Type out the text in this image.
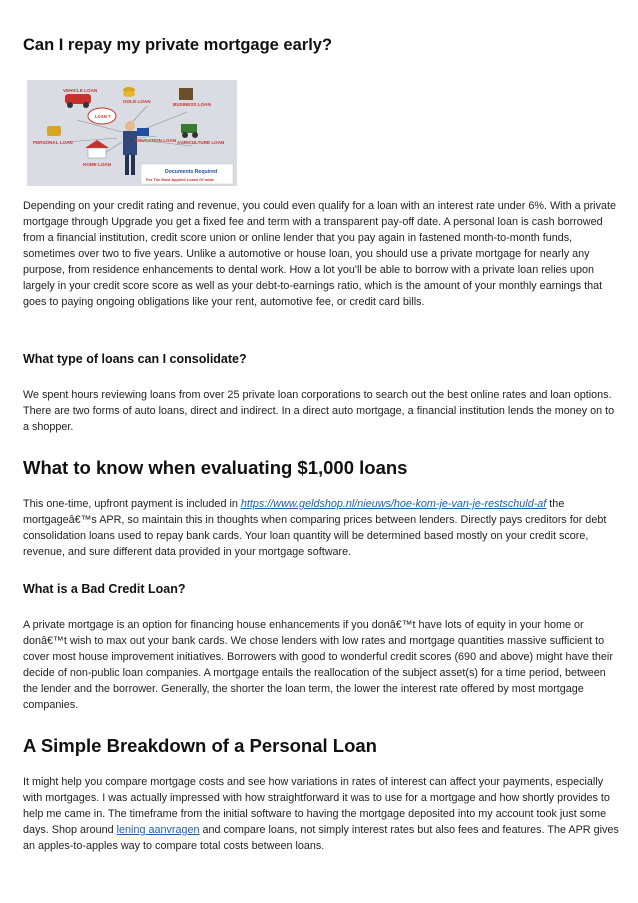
Can I repay my private mortgage early?
VEHICLE LOAN
GOLD LOAN
BUSINESS LOAN
LOAN ?
PERSONAL LOAN	EDUCATION LOAN AGRICULTURE LOAN
HOME LOAN
Documents Required
For The Most Applied Loans Of India

Depending on your credit rating and revenue, you could even qualify for a loan with an interest rate under 6%. With a private mortgage through Upgrade you get a fixed fee and term with a transparent pay-off date. A personal loan is cash borrowed from a financial institution, credit score union or online lender that you pay again in fastened month-to-month funds, sometimes over two to five years. Unlike a automotive or house loan, you should use a private mortgage for nearly any purpose, from residence enhancements to dental work. How a lot you'll be able to borrow with a private loan relies upon largely in your credit score score as well as your debt-to-earnings ratio, which is the amount of your monthly earnings that goes to paying ongoing obligations like your rent, automotive fee, or credit card bills.

What type of loans can I consolidate?

We spent hours reviewing loans from over 25 private loan corporations to search out the best online rates and loan options. There are two forms of auto loans, direct and indirect. In a direct auto mortgage, a financial institution lends the money on to a shopper.

What to know when evaluating $1,000 loans

This one-time, upfront payment is included in https://www.geldshop.nl/nieuws/hoe-kom-je-van-je-restschuld-af the mortgageâ€™s APR, so maintain this in thoughts when comparing prices between lenders. Directly pays creditors for debt consolidation loans used to repay bank cards. Your loan quantity will be determined based mostly on your credit score, revenue, and sure different data provided in your mortgage software.

What is a Bad Credit Loan?

A private mortgage is an option for financing house enhancements if you donâ€™t have lots of equity in your home or donâ€™t wish to max out your bank cards. We chose lenders with low rates and mortgage quantities massive sufficient to cover most house improvement initiatives. Borrowers with good to wonderful credit scores (690 and above) might have their decide of non-public loan companies. A mortgage entails the reallocation of the subject asset(s) for a time period, between the lender and the borrower. Generally, the shorter the loan term, the lower the interest rate offered by most mortgage companies.

A Simple Breakdown of a Personal Loan

It might help you compare mortgage costs and see how variations in rates of interest can affect your payments, especially with mortgages. I was actually impressed with how straightforward it was to use for a mortgage and how shortly provides to help me came in. The timeframe from the initial software to having the mortgage deposited into my account took just some days. Shop around lening aanvragen and compare loans, not simply interest rates but also fees and features. The APR gives an apples-to-apples way to compare total costs between loans.
